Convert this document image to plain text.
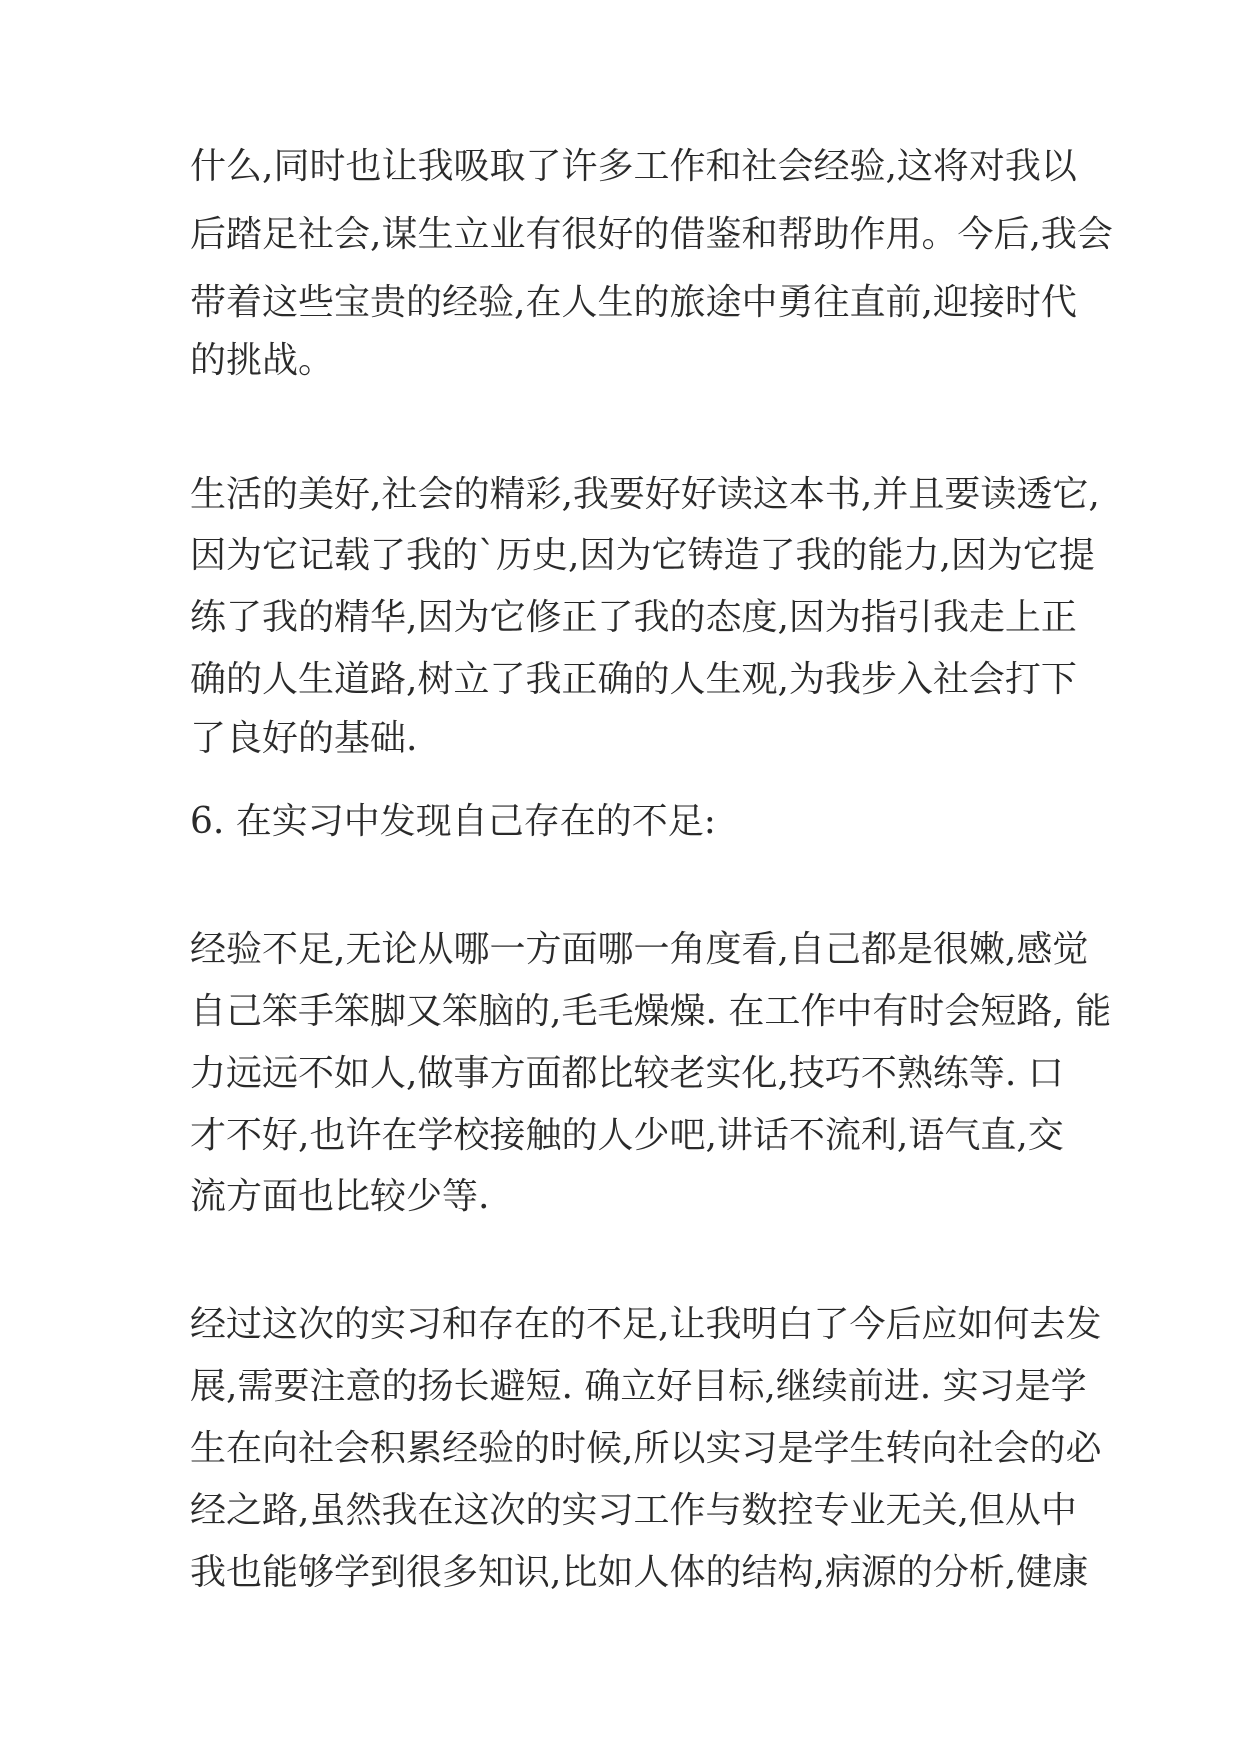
什么,同时也让我吸取了许多工作和社会经验,这将对我以
后踏足社会,谋生立业有很好的借鉴和帮助作用。今后,我会
带着这些宝贵的经验,在人生的旅途中勇往直前,迎接时代
的挑战。
生活的美好,社会的精彩,我要好好读这本书,并且要读透它,
因为它记载了我的`历史,因为它铸造了我的能力,因为它提
练了我的精华,因为它修正了我的态度,因为指引我走上正
确的人生道路,树立了我正确的人生观,为我步入社会打下
了良好的基础.
6. 在实习中发现自己存在的不足:
经验不足,无论从哪一方面哪一角度看,自己都是很嫩,感觉
自己笨手笨脚又笨脑的,毛毛燥燥. 在工作中有时会短路, 能
力远远不如人,做事方面都比较老实化,技巧不熟练等. 口
才不好,也许在学校接触的人少吧,讲话不流利,语气直,交
流方面也比较少等.
经过这次的实习和存在的不足,让我明白了今后应如何去发
展,需要注意的扬长避短. 确立好目标,继续前进. 实习是学
生在向社会积累经验的时候,所以实习是学生转向社会的必
经之路,虽然我在这次的实习工作与数控专业无关,但从中
我也能够学到很多知识,比如人体的结构,病源的分析,健康
